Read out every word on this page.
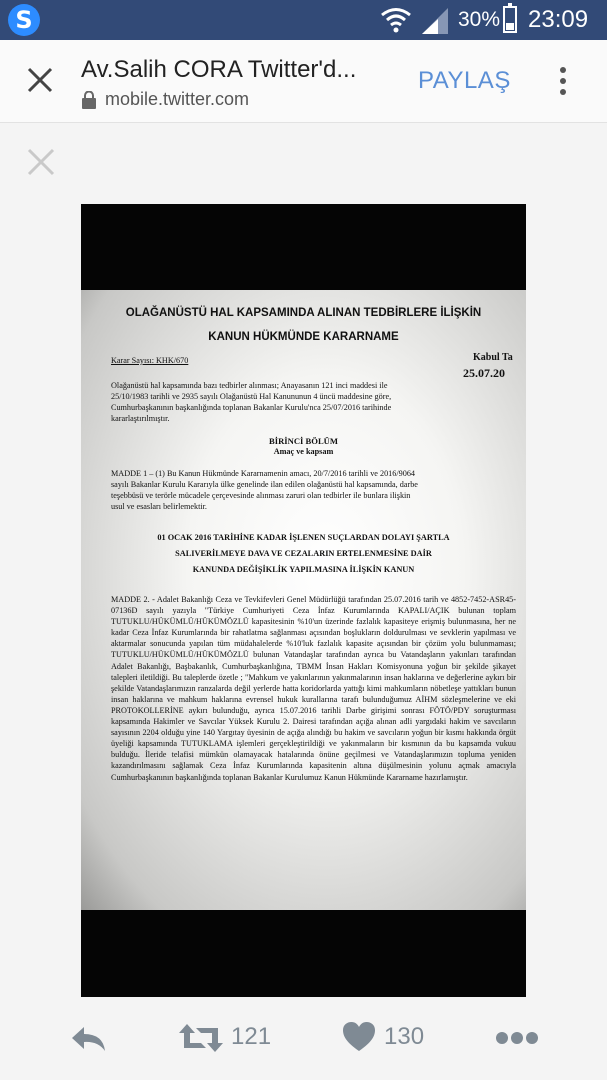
S	30% 23:09
Av.Salih CORA Twitter'd...
mobile.twitter.com
PAYLAŞ
OLAĞANÜSTÜ HAL KAPSAMINDA ALINAN TEDBİRLERE İLİŞKİN
KANUN HÜKMÜNDE KARARNAME
Karar Sayısı: KHK/670	Kabul Ta
25.07.20
Olağanüstü hal kapsamında bazı tedbirler alınması; Anayasanın 121 inci maddesi ile
25/10/1983 tarihli ve 2935 sayılı Olağanüstü Hal Kanununun 4 üncü maddesine göre,
Cumhurbaşkanının başkanlığında toplanan Bakanlar Kurulu'nca 25/07/2016 tarihinde
kararlaştırılmıştır.
BİRİNCİ BÖLÜM
Amaç ve kapsam
MADDE 1 – (1) Bu Kanun Hükmünde Kararnamenin amacı, 20/7/2016 tarihli ve 2016/9064
sayılı Bakanlar Kurulu Kararıyla ülke genelinde ilan edilen olağanüstü hal kapsamında, darbe
teşebbüsü ve terörle mücadele çerçevesinde alınması zaruri olan tedbirler ile bunlara ilişkin
usul ve esasları belirlemektir.
01 OCAK 2016 TARİHİNE KADAR İŞLENEN SUÇLARDAN DOLAYI ŞARTLA
SALIVERİLMEYE DAVA VE CEZALARIN ERTELENMESİNE DAİR
KANUNDA DEĞİŞİKLİK YAPILMASINA İLİŞKİN KANUN
MADDE 2. - Adalet Bakanlığı Ceza ve Tevkifevleri Genel Müdürlüğü tarafından 25.07.2016 tarih ve 4852-7452-ASR45-07136D sayılı yazıyla "Türkiye Cumhuriyeti Ceza İnfaz Kurumlarında KAPALI/AÇIK bulunan toplam TUTUKLU/HÜKÜMLÜ/HÜKÜMÖZLÜ kapasitesinin %10'un üzerinde fazlalık kapasiteye erişmiş bulunmasına, her ne kadar Ceza İnfaz Kurumlarında bir rahatlatma sağlanması açısından boşlukların doldurulması ve sevklerin yapılması ve aktarmalar sonucunda yapılan tüm müdahalelerde %10'luk fazlalık kapasite açısından bir çözüm yolu bulunmaması; TUTUKLU/HÜKÜMLÜ/HÜKÜMÖZLÜ bulunan Vatandaşlar tarafından ayrıca bu Vatandaşların yakınları tarafından Adalet Bakanlığı, Başbakanlık, Cumhurbaşkanlığına, TBMM İnsan Hakları Komisyonuna yoğun bir şekilde şikayet talepleri iletildiği. Bu taleplerde özetle ; "Mahkum ve yakınlarının yakınmalarının insan haklarına ve değerlerine aykırı bir şekilde Vatandaşlarımızın ranzalarda değil yerlerde hatta koridorlarda yattığı kimi mahkumların nöbetleşe yattıkları bunun insan haklarına ve mahkum haklarına evrensel hukuk kurallarına tarafı bulunduğumuz AİHM sözleşmelerine ve eki PROTOKOLLERİNE aykırı bulunduğu, ayrıca 15.07.2016 tarihli Darbe girişimi sonrası FÖTÖ/PDY soruşturması kapsamında Hakimler ve Savcılar Yüksek Kurulu 2. Dairesi tarafından açığa alınan adli yargıdaki hakim ve savcıların sayısının 2204 olduğu yine 140 Yargıtay üyesinin de açığa alındığı bu hakim ve savcıların yoğun bir kısmı hakkında örgüt üyeliği kapsamında TUTUKLAMA işlemleri gerçekleştirildiği ve yakınmaların bir kısmının da bu kapsamda vukuu bulduğu. İleride telafisi mümkün olamayacak hatalarında önüne geçilmesi ve Vatandaşlarımızın topluma yeniden kazandırılmasını sağlamak Ceza İnfaz Kurumlarında kapasitenin altına düşülmesinin yolunu açmak amacıyla Cumhurbaşkanının başkanlığında toplanan Bakanlar Kurulumuz Kanun Hükmünde Kararname hazırlamıştır.
121	130
